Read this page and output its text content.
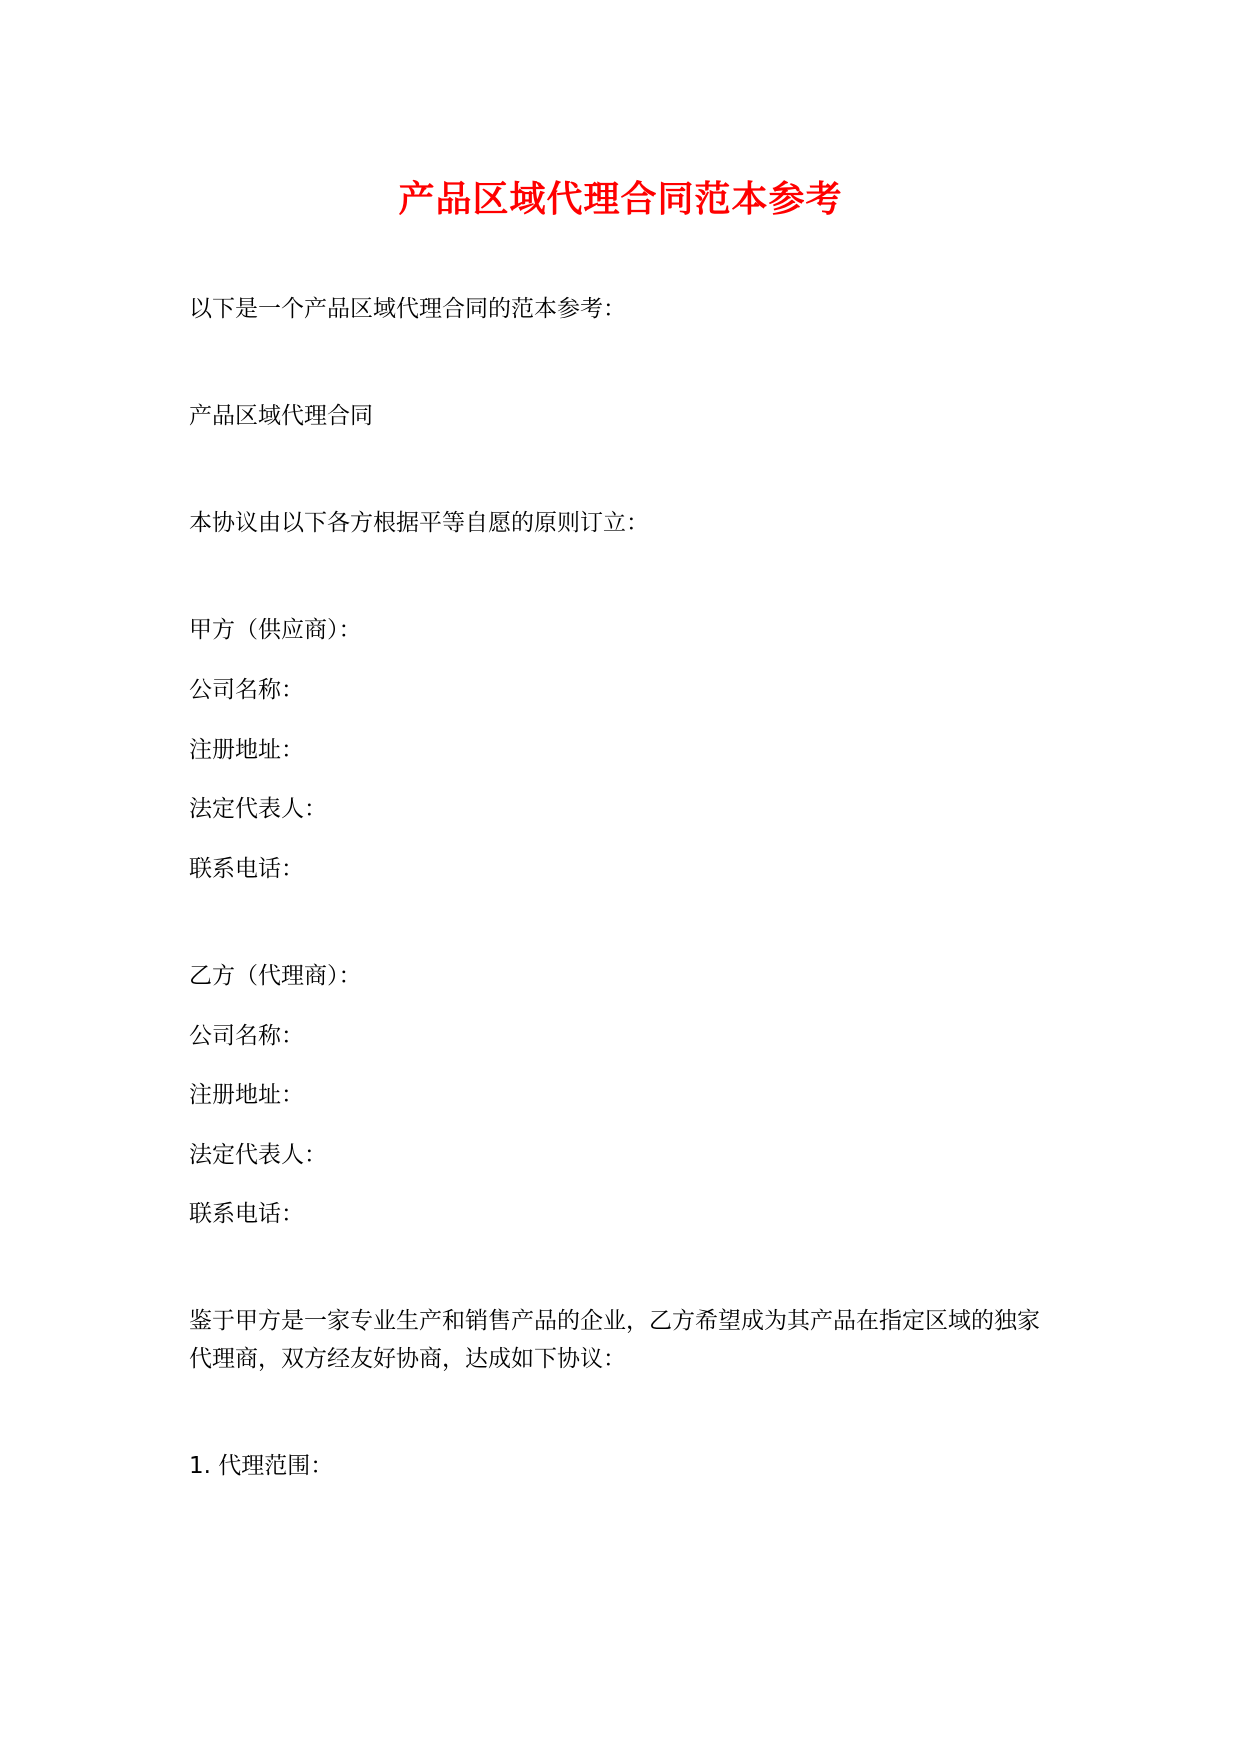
产品区域代理合同范本参考

以下是一个产品区域代理合同的范本参考：

产品区域代理合同

本协议由以下各方根据平等自愿的原则订立：

甲方（供应商）：

公司名称：

注册地址：

法定代表人：

联系电话：

乙方（代理商）：

公司名称：

注册地址：

法定代表人：

联系电话：

鉴于甲方是一家专业生产和销售产品的企业，乙方希望成为其产品在指定区域的独家代理商，双方经友好协商，达成如下协议：

1. 代理范围：
